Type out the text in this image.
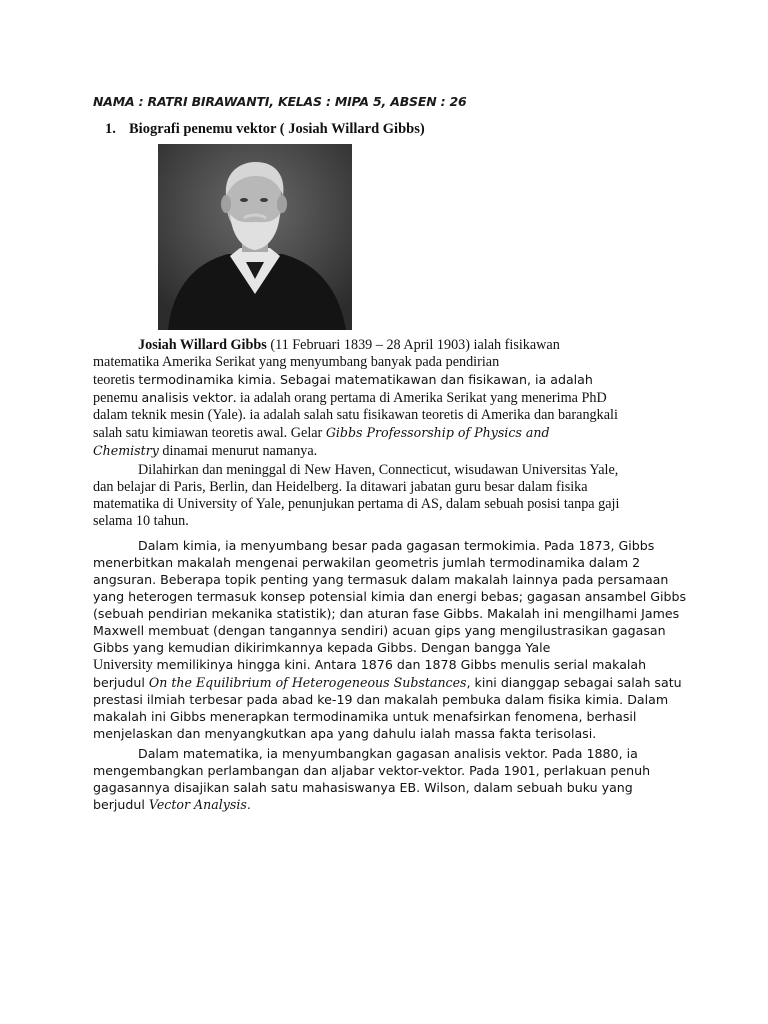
NAMA : RATRI BIRAWANTI, KELAS : MIPA 5, ABSEN : 26

1. Biografi penemu vektor ( Josiah Willard Gibbs)

Josiah Willard Gibbs (11 Februari 1839 – 28 April 1903) ialah fisikawan
matematika Amerika Serikat yang menyumbang banyak pada pendirian
teoretis termodinamika kimia. Sebagai matematikawan dan fisikawan, ia adalah
penemu analisis vektor. ia adalah orang pertama di Amerika Serikat yang menerima PhD
dalam teknik mesin (Yale). ia adalah salah satu fisikawan teoretis di Amerika dan barangkali
salah satu kimiawan teoretis awal. Gelar Gibbs Professorship of Physics and
Chemistry dinamai menurut namanya.

Dilahirkan dan meninggal di New Haven, Connecticut, wisudawan Universitas Yale,
dan belajar di Paris, Berlin, dan Heidelberg. Ia ditawari jabatan guru besar dalam fisika
matematika di University of Yale, penunjukan pertama di AS, dalam sebuah posisi tanpa gaji
selama 10 tahun.

Dalam kimia, ia menyumbang besar pada gagasan termokimia. Pada 1873, Gibbs
menerbitkan makalah mengenai perwakilan geometris jumlah termodinamika dalam 2
angsuran. Beberapa topik penting yang termasuk dalam makalah lainnya pada persamaan
yang heterogen termasuk konsep potensial kimia dan energi bebas; gagasan ansambel Gibbs
(sebuah pendirian mekanika statistik); dan aturan fase Gibbs. Makalah ini mengilhami James
Maxwell membuat (dengan tangannya sendiri) acuan gips yang mengilustrasikan gagasan
Gibbs yang kemudian dikirimkannya kepada Gibbs. Dengan bangga Yale
University memilikinya hingga kini. Antara 1876 dan 1878 Gibbs menulis serial makalah
berjudul On the Equilibrium of Heterogeneous Substances, kini dianggap sebagai salah satu
prestasi ilmiah terbesar pada abad ke-19 dan makalah pembuka dalam fisika kimia. Dalam
makalah ini Gibbs menerapkan termodinamika untuk menafsirkan fenomena, berhasil
menjelaskan dan menyangkutkan apa yang dahulu ialah massa fakta terisolasi.

Dalam matematika, ia menyumbangkan gagasan analisis vektor. Pada 1880, ia
mengembangkan perlambangan dan aljabar vektor-vektor. Pada 1901, perlakuan penuh
gagasannya disajikan salah satu mahasiswanya EB. Wilson, dalam sebuah buku yang
berjudul Vector Analysis.
